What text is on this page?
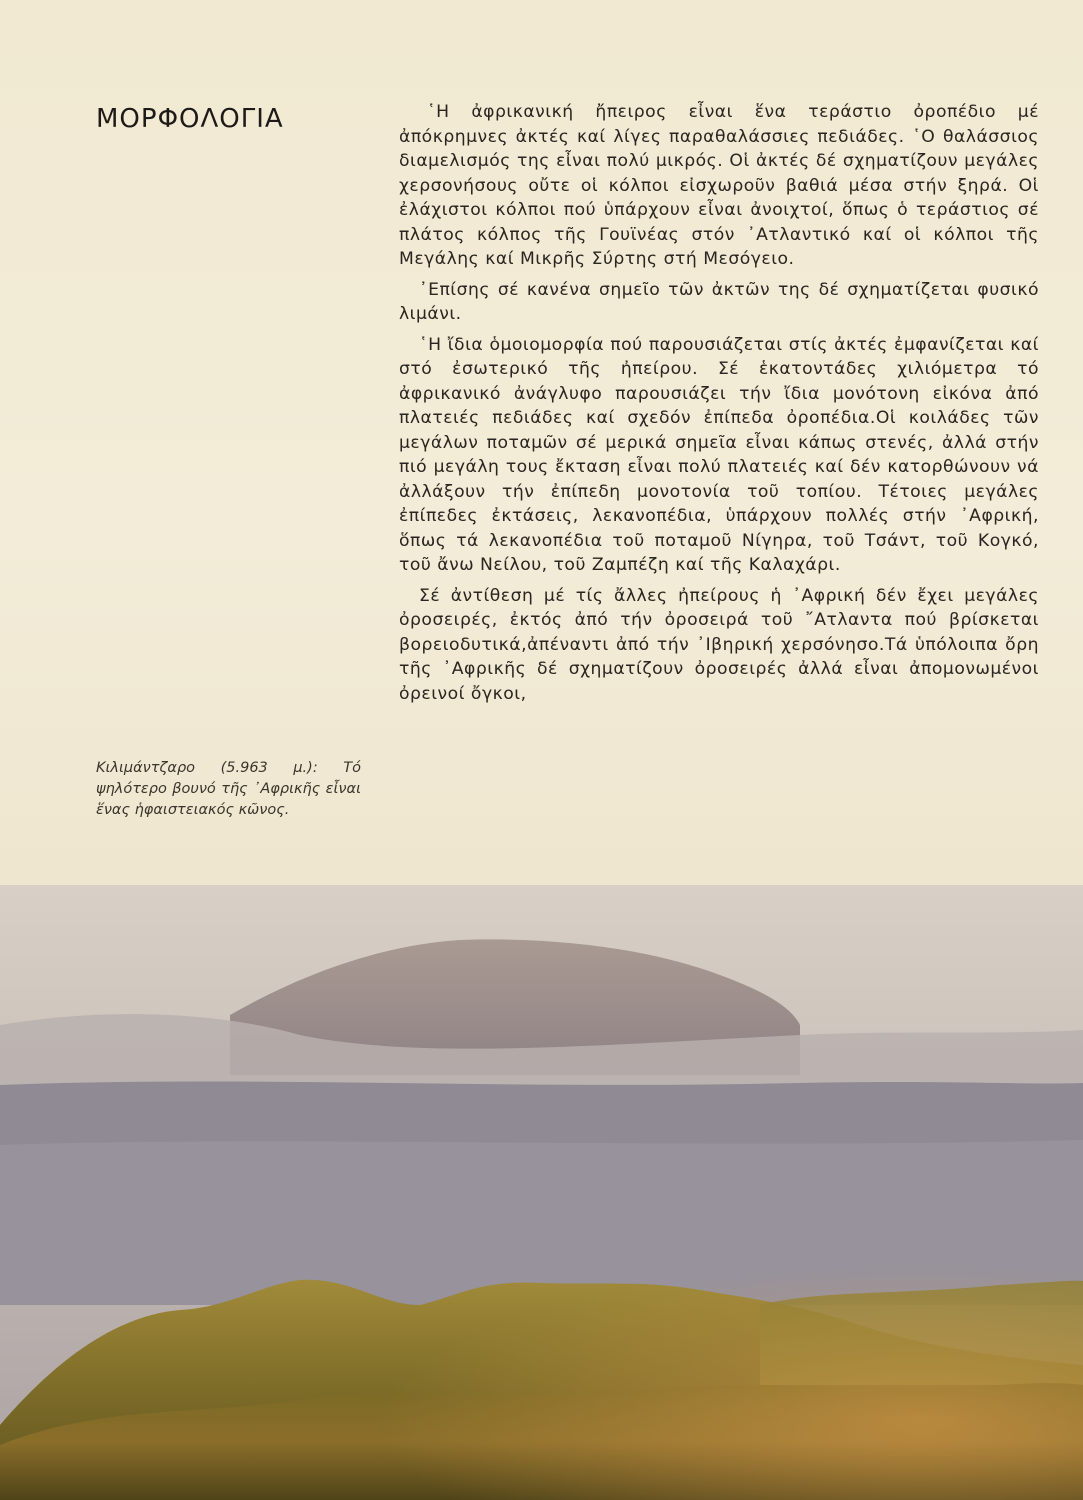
ΜΟΡΦΟΛΟΓΙΑ	῾Η ἀφρικανική ἤπειρος εἶναι ἕνα τεράστιο ὀροπέδιο μέ ἀπόκρημνες ἀκτές καί λίγες παραθαλάσσιες πεδιάδες. ῾Ο θαλάσσιος διαμελισμός της εἶναι πολύ μικρός. Οἱ ἀκτές δέ σχηματίζουν μεγάλες χερσονήσους οὔτε οἱ κόλποι εἰσχωροῦν βαθιά μέσα στήν ξηρά. Οἱ ἐλάχιστοι κόλποι πού ὑπάρχουν εἶναι ἀνοιχτοί, ὅπως ὁ τεράστιος σέ πλάτος κόλπος τῆς Γουϊνέας στόν ᾿Ατλαντικό καί οἱ κόλποι τῆς Μεγάλης καί Μικρῆς Σύρτης στή Μεσόγειο.

᾿Επίσης σέ κανένα σημεῖο τῶν ἀκτῶν της δέ σχηματίζεται φυσικό λιμάνι.

῾Η ἴδια ὁμοιομορφία πού παρουσιάζεται στίς ἀκτές ἐμφανίζεται καί στό ἐσωτερικό τῆς ἠπείρου. Σέ ἑκατοντάδες χιλιόμετρα τό ἀφρικανικό ἀνάγλυφο παρουσιάζει τήν ἴδια μονότονη εἰκόνα ἀπό πλατειές πεδιάδες καί σχεδόν ἐπίπεδα ὀροπέδια.Οἱ κοιλάδες τῶν μεγάλων ποταμῶν σέ μερικά σημεῖα εἶναι κάπως στενές, ἀλλά στήν πιό μεγάλη τους ἔκταση εἶναι πολύ πλατειές καί δέν κατορθώνουν νά ἀλλάξουν τήν ἐπίπεδη μονοτονία τοῦ τοπίου. Τέτοιες μεγάλες ἐπίπεδες ἐκτάσεις, λεκανοπέδια, ὑπάρχουν πολλές στήν ᾿Αφρική, ὅπως τά λεκανοπέδια τοῦ ποταμοῦ Νίγηρα, τοῦ Τσάντ, τοῦ Κογκό, τοῦ ἄνω Νείλου, τοῦ Ζαμπέζη καί τῆς Καλαχάρι.

Σέ ἀντίθεση μέ τίς ἄλλες ἠπείρους ἡ ᾿Αφρική δέν ἔχει μεγάλες ὀροσειρές, ἐκτός ἀπό τήν ὀροσειρά τοῦ ῎Ατλαντα πού βρίσκεται βορειοδυτικά,ἀπέναντι ἀπό τήν ᾿Ιβηρική χερσόνησο.Τά ὑπόλοιπα ὄρη τῆς ᾿Αφρικῆς δέ σχηματίζουν ὀροσειρές ἀλλά εἶναι ἀπομονωμένοι ὀρεινοί ὄγκοι,

Κιλιμάντζαρο (5.963 μ.): Τό ψηλότερο βουνό τῆς ᾿Αφρικῆς εἶναι ἕνας ἡφαιστειακός κῶνος.
